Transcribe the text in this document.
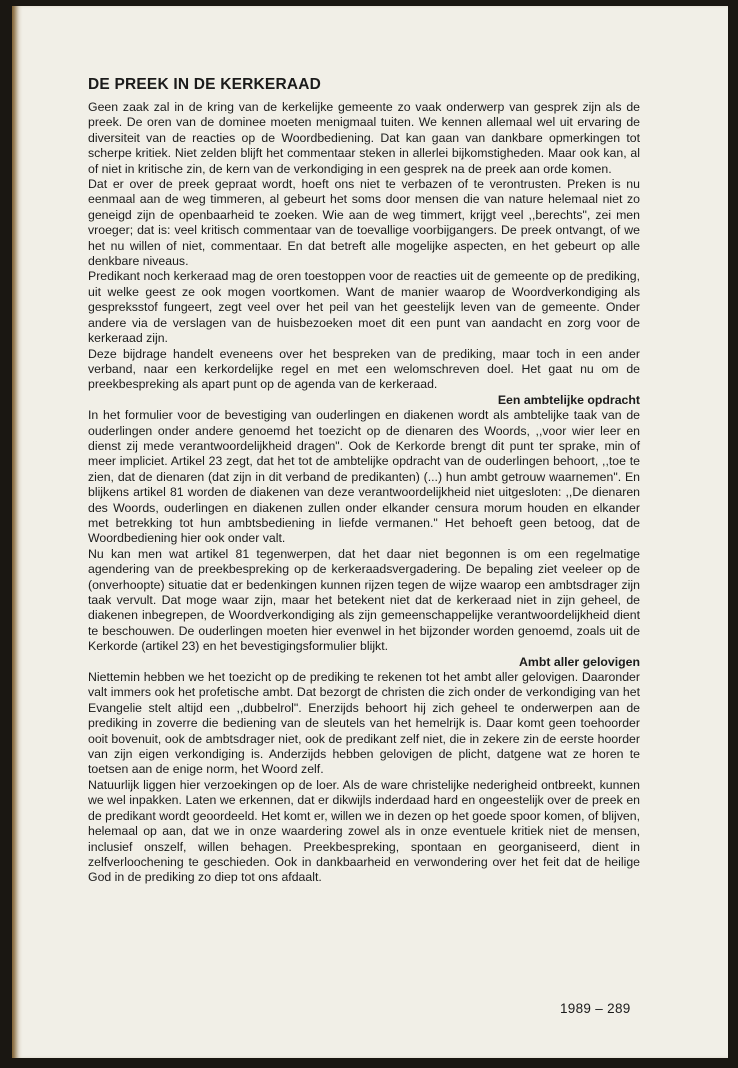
DE PREEK IN DE KERKERAAD

Geen zaak zal in de kring van de kerkelijke gemeente zo vaak onderwerp van gesprek zijn als de preek. De oren van de dominee moeten menigmaal tuiten. We kennen allemaal wel uit ervaring de diversiteit van de reacties op de Woordbediening. Dat kan gaan van dankbare opmerkingen tot scherpe kritiek. Niet zelden blijft het commentaar steken in allerlei bijkomstigheden. Maar ook kan, al of niet in kritische zin, de kern van de verkondiging in een gesprek na de preek aan orde komen.

Dat er over de preek gepraat wordt, hoeft ons niet te verbazen of te verontrusten. Preken is nu eenmaal aan de weg timmeren, al gebeurt het soms door mensen die van nature helemaal niet zo geneigd zijn de openbaarheid te zoeken. Wie aan de weg timmert, krijgt veel ,,berechts", zei men vroeger; dat is: veel kritisch commentaar van de toevallige voorbijgangers. De preek ontvangt, of we het nu willen of niet, commentaar. En dat betreft alle mogelijke aspecten, en het gebeurt op alle denkbare niveaus.

Predikant noch kerkeraad mag de oren toestoppen voor de reacties uit de gemeente op de prediking, uit welke geest ze ook mogen voortkomen. Want de manier waarop de Woordverkondiging als gespreksstof fungeert, zegt veel over het peil van het geestelijk leven van de gemeente. Onder andere via de verslagen van de huisbezoeken moet dit een punt van aandacht en zorg voor de kerkeraad zijn.

Deze bijdrage handelt eveneens over het bespreken van de prediking, maar toch in een ander verband, naar een kerkordelijke regel en met een welomschreven doel. Het gaat nu om de preekbespreking als apart punt op de agenda van de kerkeraad.

Een ambtelijke opdracht

In het formulier voor de bevestiging van ouderlingen en diakenen wordt als ambtelijke taak van de ouderlingen onder andere genoemd het toezicht op de dienaren des Woords, ,,voor wier leer en dienst zij mede verantwoordelijkheid dragen". Ook de Kerkorde brengt dit punt ter sprake, min of meer impliciet. Artikel 23 zegt, dat het tot de ambtelijke opdracht van de ouderlingen behoort, ,,toe te zien, dat de dienaren (dat zijn in dit verband de predikanten) (...) hun ambt getrouw waarnemen". En blijkens artikel 81 worden de diakenen van deze verantwoordelijkheid niet uitgesloten: ,,De dienaren des Woords, ouderlingen en diakenen zullen onder elkander censura morum houden en elkander met betrekking tot hun ambtsbediening in liefde vermanen." Het behoeft geen betoog, dat de Woordbediening hier ook onder valt.

Nu kan men wat artikel 81 tegenwerpen, dat het daar niet begonnen is om een regelmatige agendering van de preekbespreking op de kerkeraadsvergadering. De bepaling ziet veeleer op de (onverhoopte) situatie dat er bedenkingen kunnen rijzen tegen de wijze waarop een ambtsdrager zijn taak vervult. Dat moge waar zijn, maar het betekent niet dat de kerkeraad niet in zijn geheel, de diakenen inbegrepen, de Woordverkondiging als zijn gemeenschappelijke verantwoordelijkheid dient te beschouwen. De ouderlingen moeten hier evenwel in het bijzonder worden genoemd, zoals uit de Kerkorde (artikel 23) en het bevestigingsformulier blijkt.

Ambt aller gelovigen

Niettemin hebben we het toezicht op de prediking te rekenen tot het ambt aller gelovigen. Daaronder valt immers ook het profetische ambt. Dat bezorgt de christen die zich onder de verkondiging van het Evangelie stelt altijd een ,,dubbelrol". Enerzijds behoort hij zich geheel te onderwerpen aan de prediking in zoverre die bediening van de sleutels van het hemelrijk is. Daar komt geen toehoorder ooit bovenuit, ook de ambtsdrager niet, ook de predikant zelf niet, die in zekere zin de eerste hoorder van zijn eigen verkondiging is. Anderzijds hebben gelovigen de plicht, datgene wat ze horen te toetsen aan de enige norm, het Woord zelf.

Natuurlijk liggen hier verzoekingen op de loer. Als de ware christelijke nederigheid ontbreekt, kunnen we wel inpakken. Laten we erkennen, dat er dikwijls inderdaad hard en ongeestelijk over de preek en de predikant wordt geoordeeld. Het komt er, willen we in dezen op het goede spoor komen, of blijven, helemaal op aan, dat we in onze waardering zowel als in onze eventuele kritiek niet de mensen, inclusief onszelf, willen behagen. Preekbespreking, spontaan en georganiseerd, dient in zelfverloochening te geschieden. Ook in dankbaarheid en verwondering over het feit dat de heilige God in de prediking zo diep tot ons afdaalt.

1989 – 289
